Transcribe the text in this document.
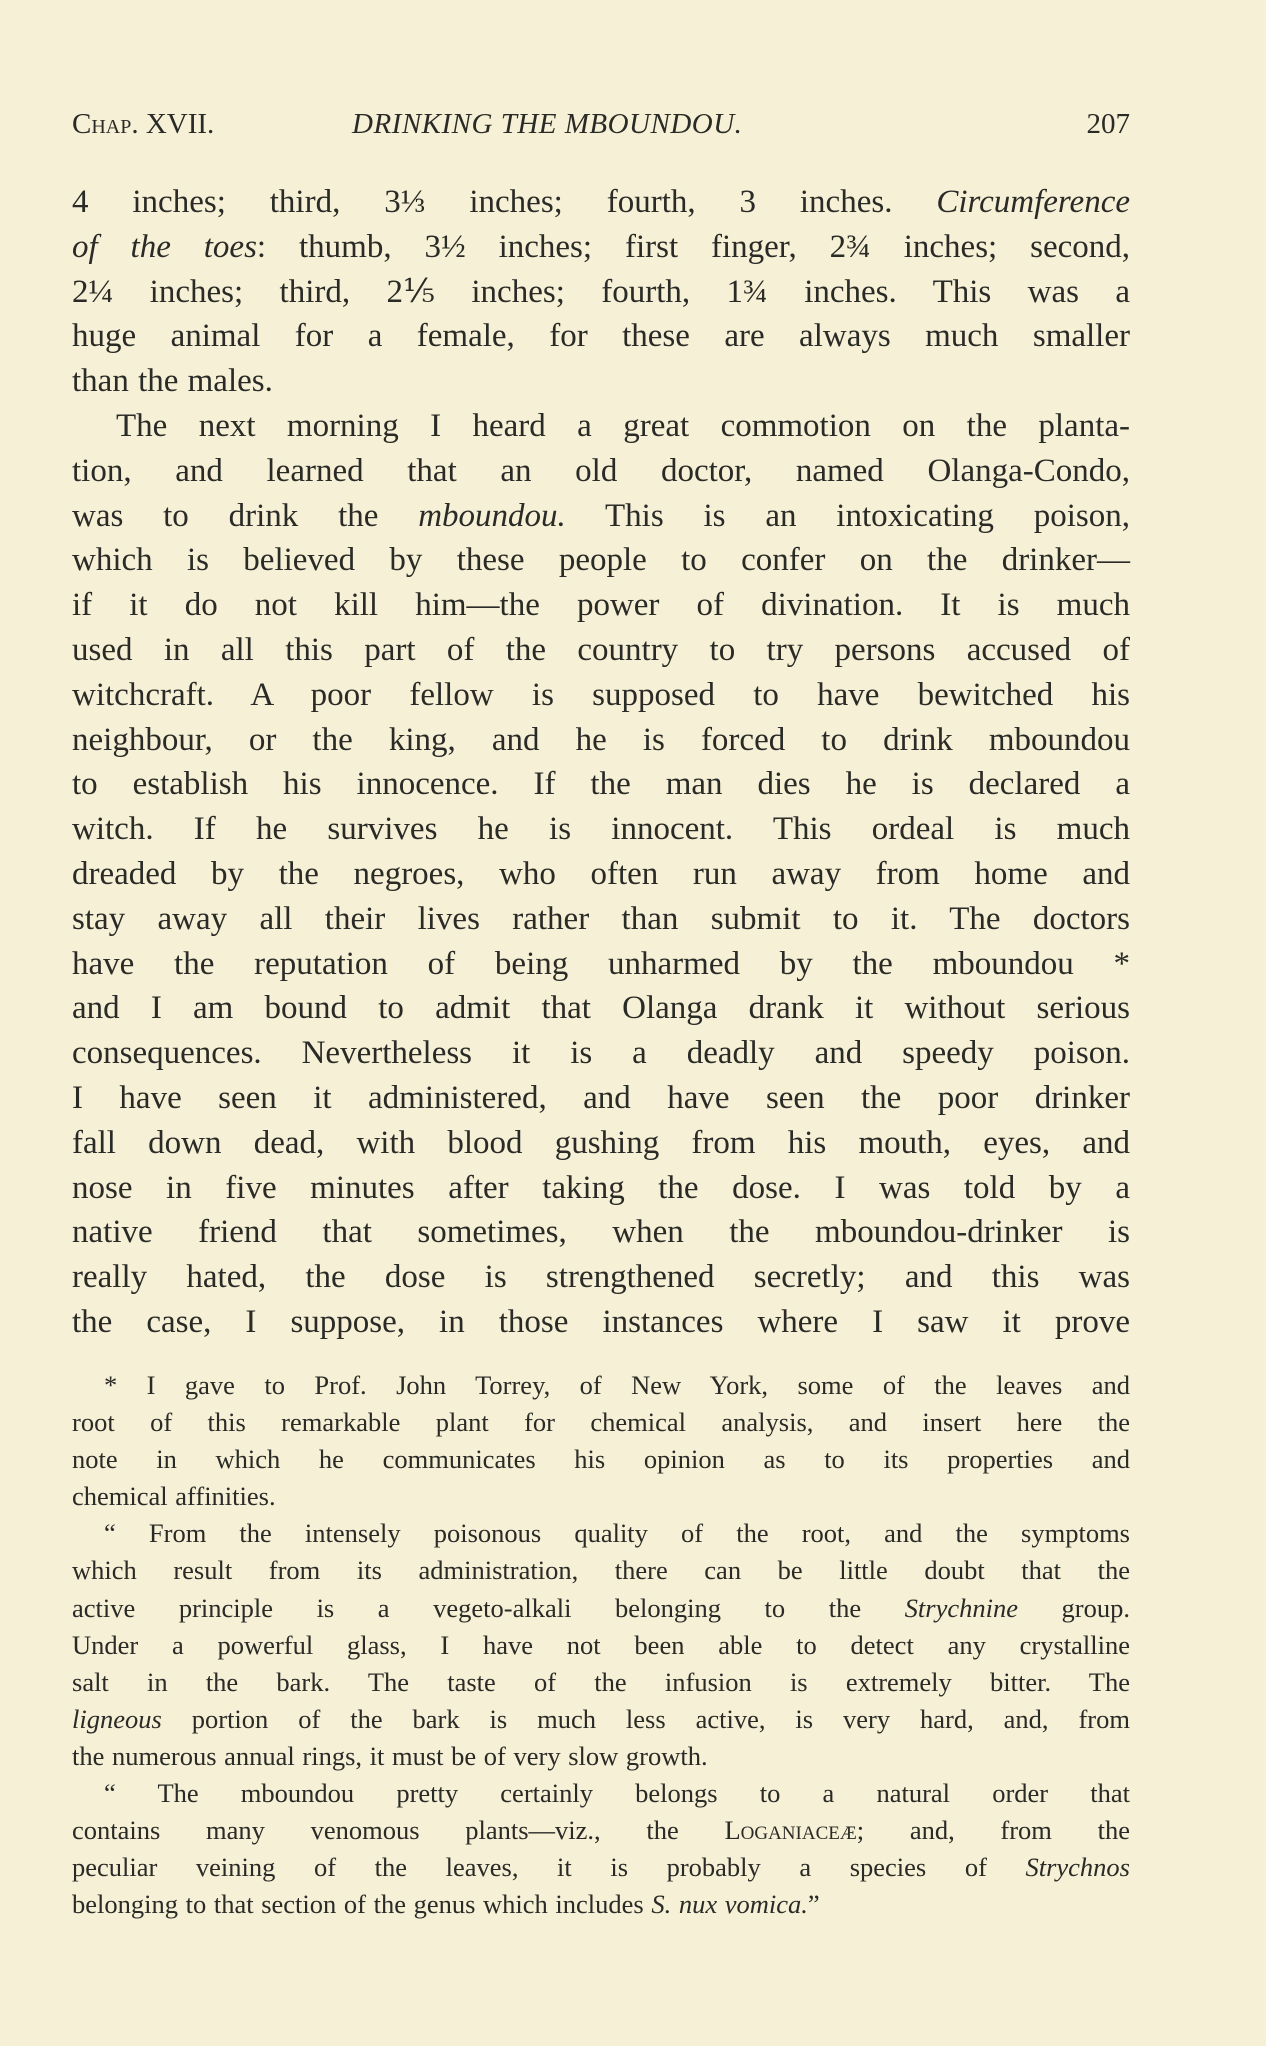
Chap. XVII.	DRINKING THE MBOUNDOU.	207
4 inches; third, 3⅓ inches; fourth, 3 inches. Circumference
of the toes: thumb, 3½ inches; first finger, 2¾ inches; second,
2¼ inches; third, 2⅕ inches; fourth, 1¾ inches. This was a
huge animal for a female, for these are always much smaller
than the males.
The next morning I heard a great commotion on the planta-
tion, and learned that an old doctor, named Olanga-Condo,
was to drink the mboundou. This is an intoxicating poison,
which is believed by these people to confer on the drinker—
if it do not kill him—the power of divination. It is much
used in all this part of the country to try persons accused of
witchcraft. A poor fellow is supposed to have bewitched his
neighbour, or the king, and he is forced to drink mboundou
to establish his innocence. If the man dies he is declared a
witch. If he survives he is innocent. This ordeal is much
dreaded by the negroes, who often run away from home and
stay away all their lives rather than submit to it. The doctors
have the reputation of being unharmed by the mboundou *
and I am bound to admit that Olanga drank it without serious
consequences. Nevertheless it is a deadly and speedy poison.
I have seen it administered, and have seen the poor drinker
fall down dead, with blood gushing from his mouth, eyes, and
nose in five minutes after taking the dose. I was told by a
native friend that sometimes, when the mboundou-drinker is
really hated, the dose is strengthened secretly; and this was
the case, I suppose, in those instances where I saw it prove
* I gave to Prof. John Torrey, of New York, some of the leaves and
root of this remarkable plant for chemical analysis, and insert here the
note in which he communicates his opinion as to its properties and
chemical affinities.
“ From the intensely poisonous quality of the root, and the symptoms
which result from its administration, there can be little doubt that the
active principle is a vegeto-alkali belonging to the Strychnine group.
Under a powerful glass, I have not been able to detect any crystalline
salt in the bark. The taste of the infusion is extremely bitter. The
ligneous portion of the bark is much less active, is very hard, and, from
the numerous annual rings, it must be of very slow growth.
“ The mboundou pretty certainly belongs to a natural order that
contains many venomous plants—viz., the Loganiaceæ; and, from the
peculiar veining of the leaves, it is probably a species of Strychnos
belonging to that section of the genus which includes S. nux vomica.”
